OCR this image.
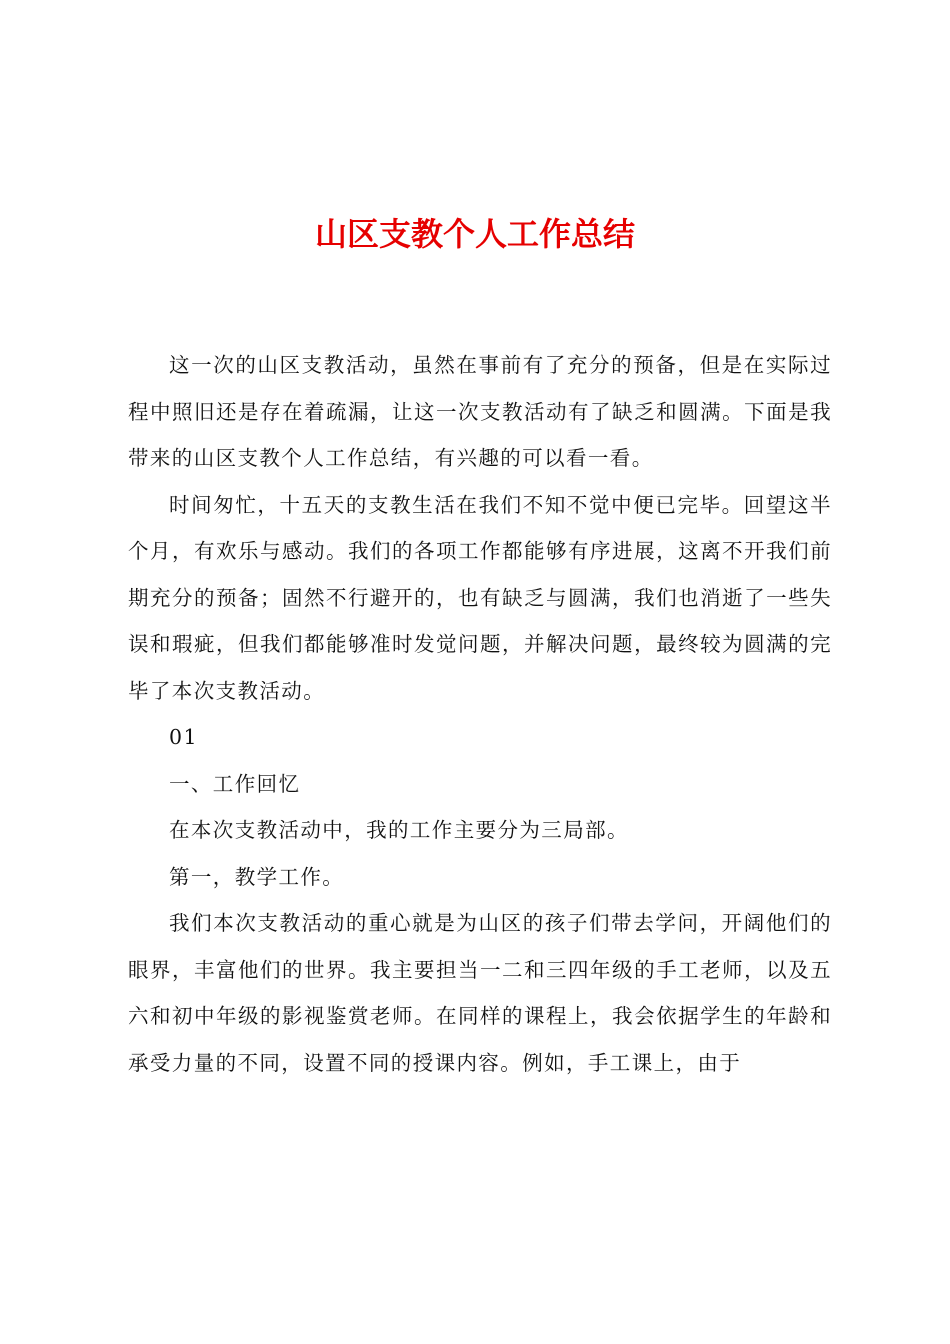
山区支教个人工作总结

这一次的山区支教活动，虽然在事前有了充分的预备，但是在实际过程中照旧还是存在着疏漏，让这一次支教活动有了缺乏和圆满。下面是我带来的山区支教个人工作总结，有兴趣的可以看一看。

时间匆忙，十五天的支教生活在我们不知不觉中便已完毕。回望这半个月，有欢乐与感动。我们的各项工作都能够有序进展，这离不开我们前期充分的预备；固然不行避开的，也有缺乏与圆满，我们也消逝了一些失误和瑕疵，但我们都能够准时发觉问题，并解决问题，最终较为圆满的完毕了本次支教活动。

01

一、工作回忆

在本次支教活动中，我的工作主要分为三局部。

第一，教学工作。

我们本次支教活动的重心就是为山区的孩子们带去学问，开阔他们的眼界，丰富他们的世界。我主要担当一二和三四年级的手工老师，以及五六和初中年级的影视鉴赏老师。在同样的课程上，我会依据学生的年龄和承受力量的不同，设置不同的授课内容。例如，手工课上，由于
